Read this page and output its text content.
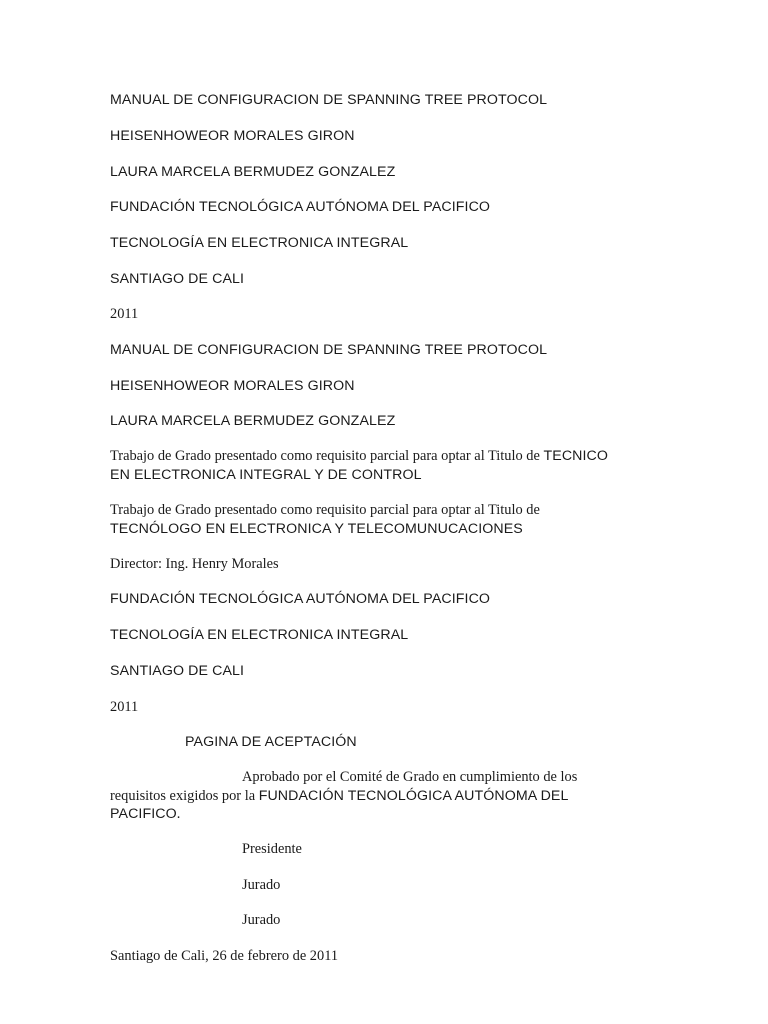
MANUAL DE CONFIGURACION DE SPANNING TREE PROTOCOL
HEISENHOWEOR MORALES GIRON
LAURA MARCELA BERMUDEZ GONZALEZ
FUNDACIÓN TECNOLÓGICA AUTÓNOMA DEL PACIFICO
TECNOLOGÍA EN ELECTRONICA INTEGRAL
SANTIAGO DE CALI
2011
MANUAL DE CONFIGURACION DE SPANNING TREE PROTOCOL
HEISENHOWEOR MORALES GIRON
LAURA MARCELA BERMUDEZ GONZALEZ
Trabajo de Grado presentado como requisito parcial para optar al Titulo de TECNICO
EN ELECTRONICA INTEGRAL Y DE CONTROL
Trabajo de Grado presentado como requisito parcial para optar al Titulo de
TECNÓLOGO EN ELECTRONICA Y TELECOMUNUCACIONES
Director: Ing. Henry Morales
FUNDACIÓN TECNOLÓGICA AUTÓNOMA DEL PACIFICO
TECNOLOGÍA EN ELECTRONICA INTEGRAL
SANTIAGO DE CALI
2011
PAGINA DE ACEPTACIÓN
Aprobado por el Comité de Grado en cumplimiento de los
requisitos exigidos por la FUNDACIÓN TECNOLÓGICA AUTÓNOMA DEL
PACIFICO.
Presidente
Jurado
Jurado
Santiago de Cali, 26 de febrero de 2011
